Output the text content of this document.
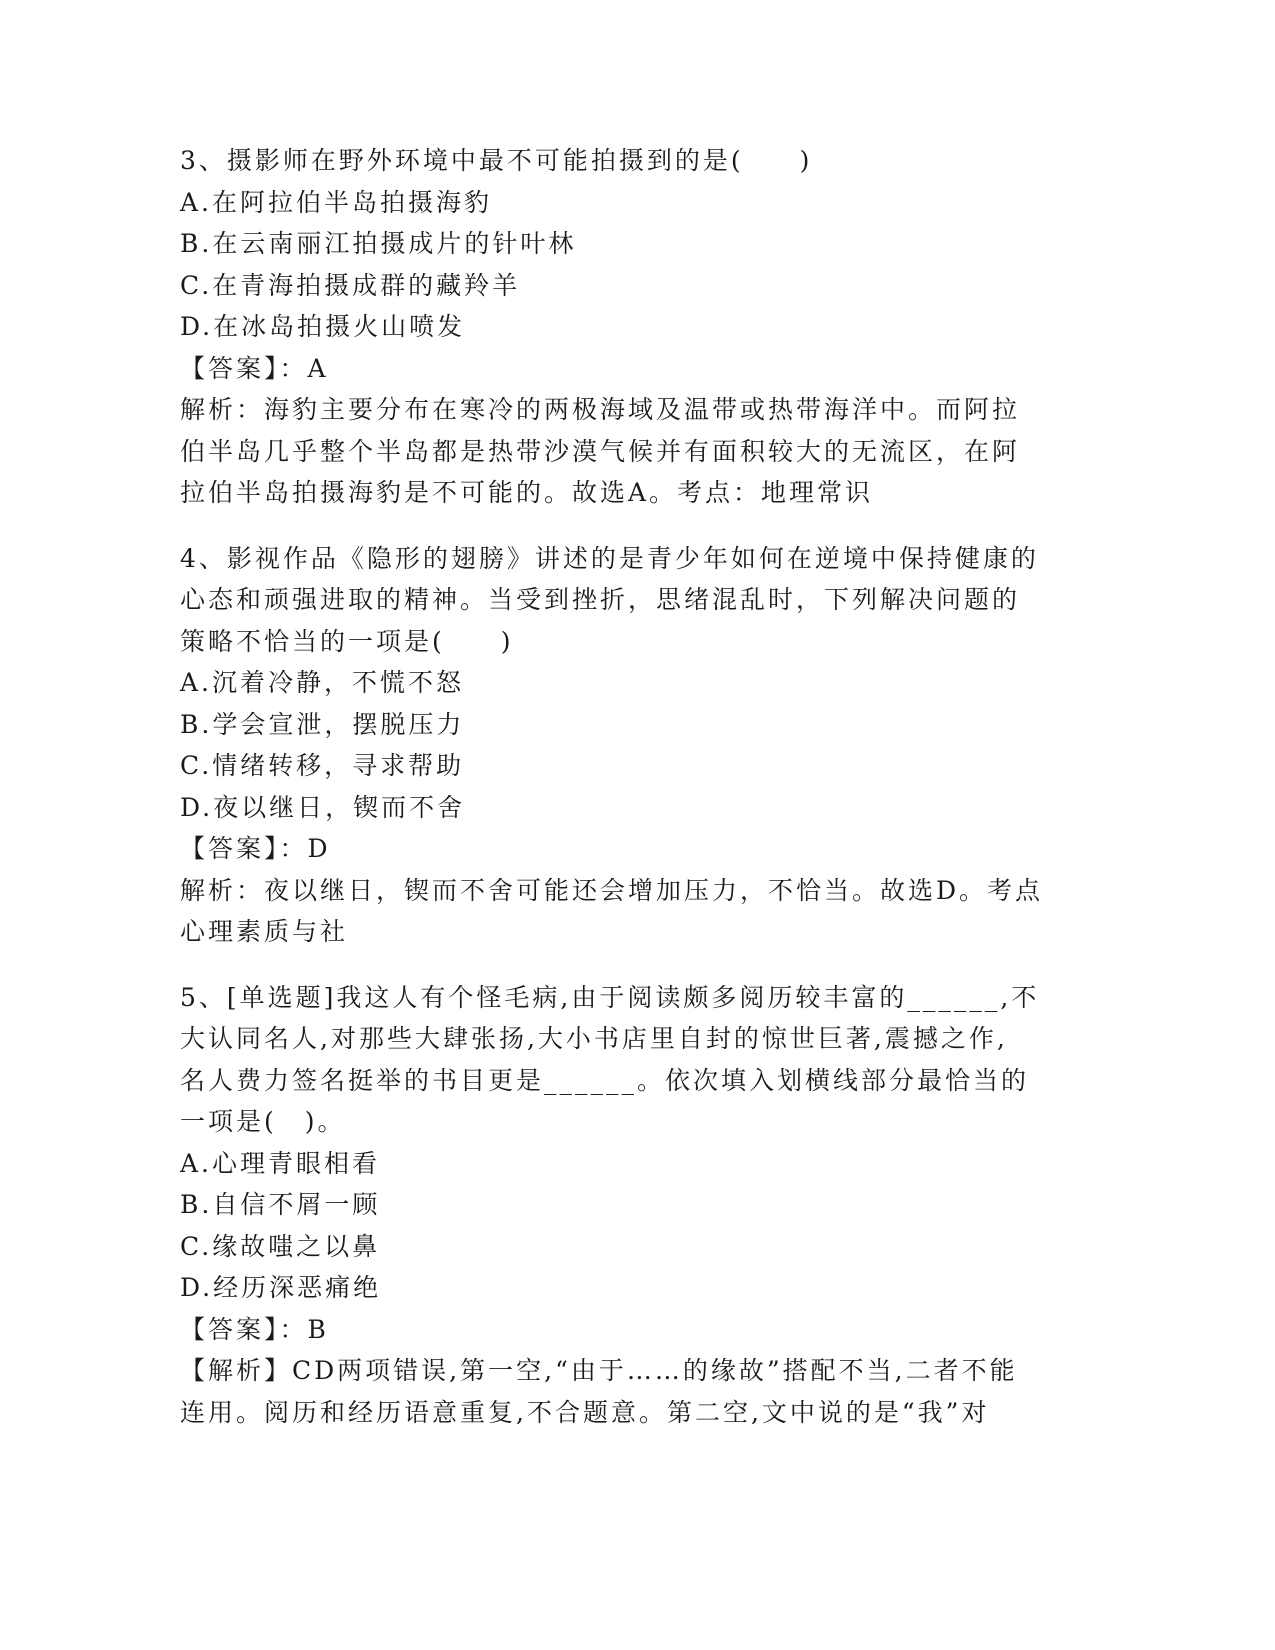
3、摄影师在野外环境中最不可能拍摄到的是(　　)
A.在阿拉伯半岛拍摄海豹
B.在云南丽江拍摄成片的针叶林
C.在青海拍摄成群的藏羚羊
D.在冰岛拍摄火山喷发
【答案】：A
解析：海豹主要分布在寒冷的两极海域及温带或热带海洋中。而阿拉
伯半岛几乎整个半岛都是热带沙漠气候并有面积较大的无流区，在阿
拉伯半岛拍摄海豹是不可能的。故选A。考点：地理常识
4、影视作品《隐形的翅膀》讲述的是青少年如何在逆境中保持健康的
心态和顽强进取的精神。当受到挫折，思绪混乱时，下列解决问题的
策略不恰当的一项是(　　)
A.沉着冷静，不慌不怒
B.学会宣泄，摆脱压力
C.情绪转移，寻求帮助
D.夜以继日，锲而不舍
【答案】：D
解析：夜以继日，锲而不舍可能还会增加压力，不恰当。故选D。考点
心理素质与社
5、[单选题]我这人有个怪毛病,由于阅读颇多阅历较丰富的______,不
大认同名人,对那些大肆张扬,大小书店里自封的惊世巨著,震撼之作,
名人费力签名挺举的书目更是______。依次填入划横线部分最恰当的
一项是(　)。
A.心理青眼相看
B.自信不屑一顾
C.缘故嗤之以鼻
D.经历深恶痛绝
【答案】：B
【解析】CD两项错误,第一空,“由于……的缘故”搭配不当,二者不能
连用。阅历和经历语意重复,不合题意。第二空,文中说的是“我”对
